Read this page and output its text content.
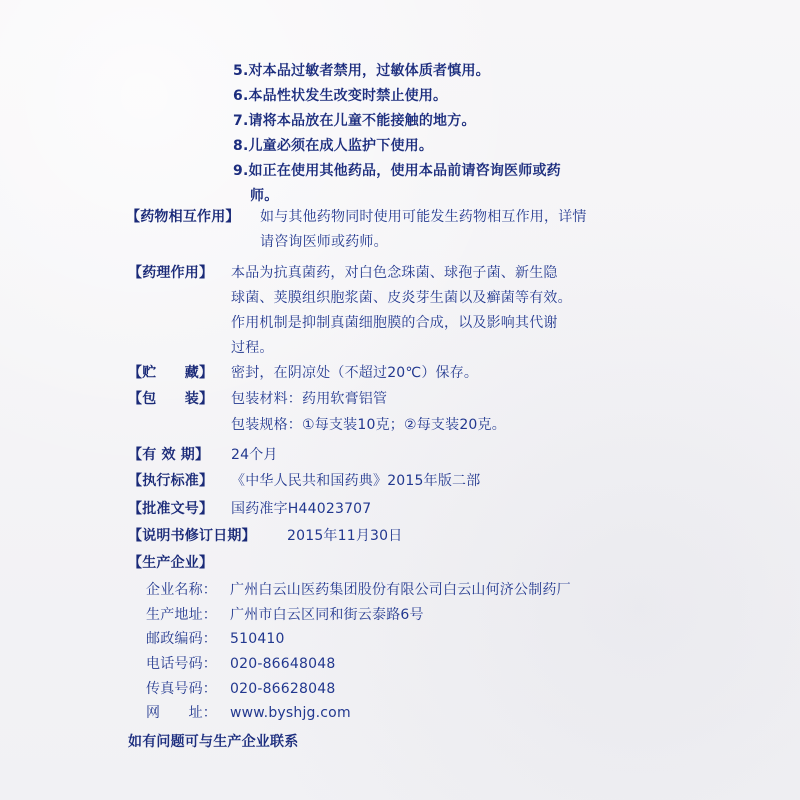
5.对本品过敏者禁用，过敏体质者慎用。
6.本品性状发生改变时禁止使用。
7.请将本品放在儿童不能接触的地方。
8.儿童必须在成人监护下使用。
9.如正在使用其他药品，使用本品前请咨询医师或药
师。
【药物相互作用】 如与其他药物同时使用可能发生药物相互作用，详情
请咨询医师或药师。
【药理作用】 本品为抗真菌药，对白色念珠菌、球孢子菌、新生隐
球菌、荚膜组织胞浆菌、皮炎芽生菌以及癣菌等有效。
作用机制是抑制真菌细胞膜的合成，以及影响其代谢
过程。
【贮　　藏】 密封，在阴凉处（不超过20℃）保存。
【包　　装】 包装材料：药用软膏铝管
包装规格：①每支装10克；②每支装20克。
【有 效 期】 24个月
【执行标准】 《中华人民共和国药典》2015年版二部
【批准文号】 国药准字H44023707
【说明书修订日期】 2015年11月30日
【生产企业】
企业名称： 广州白云山医药集团股份有限公司白云山何济公制药厂
生产地址： 广州市白云区同和街云泰路6号
邮政编码： 510410
电话号码： 020-86648048
传真号码： 020-86628048
网　　址： www.byshjg.com
如有问题可与生产企业联系
